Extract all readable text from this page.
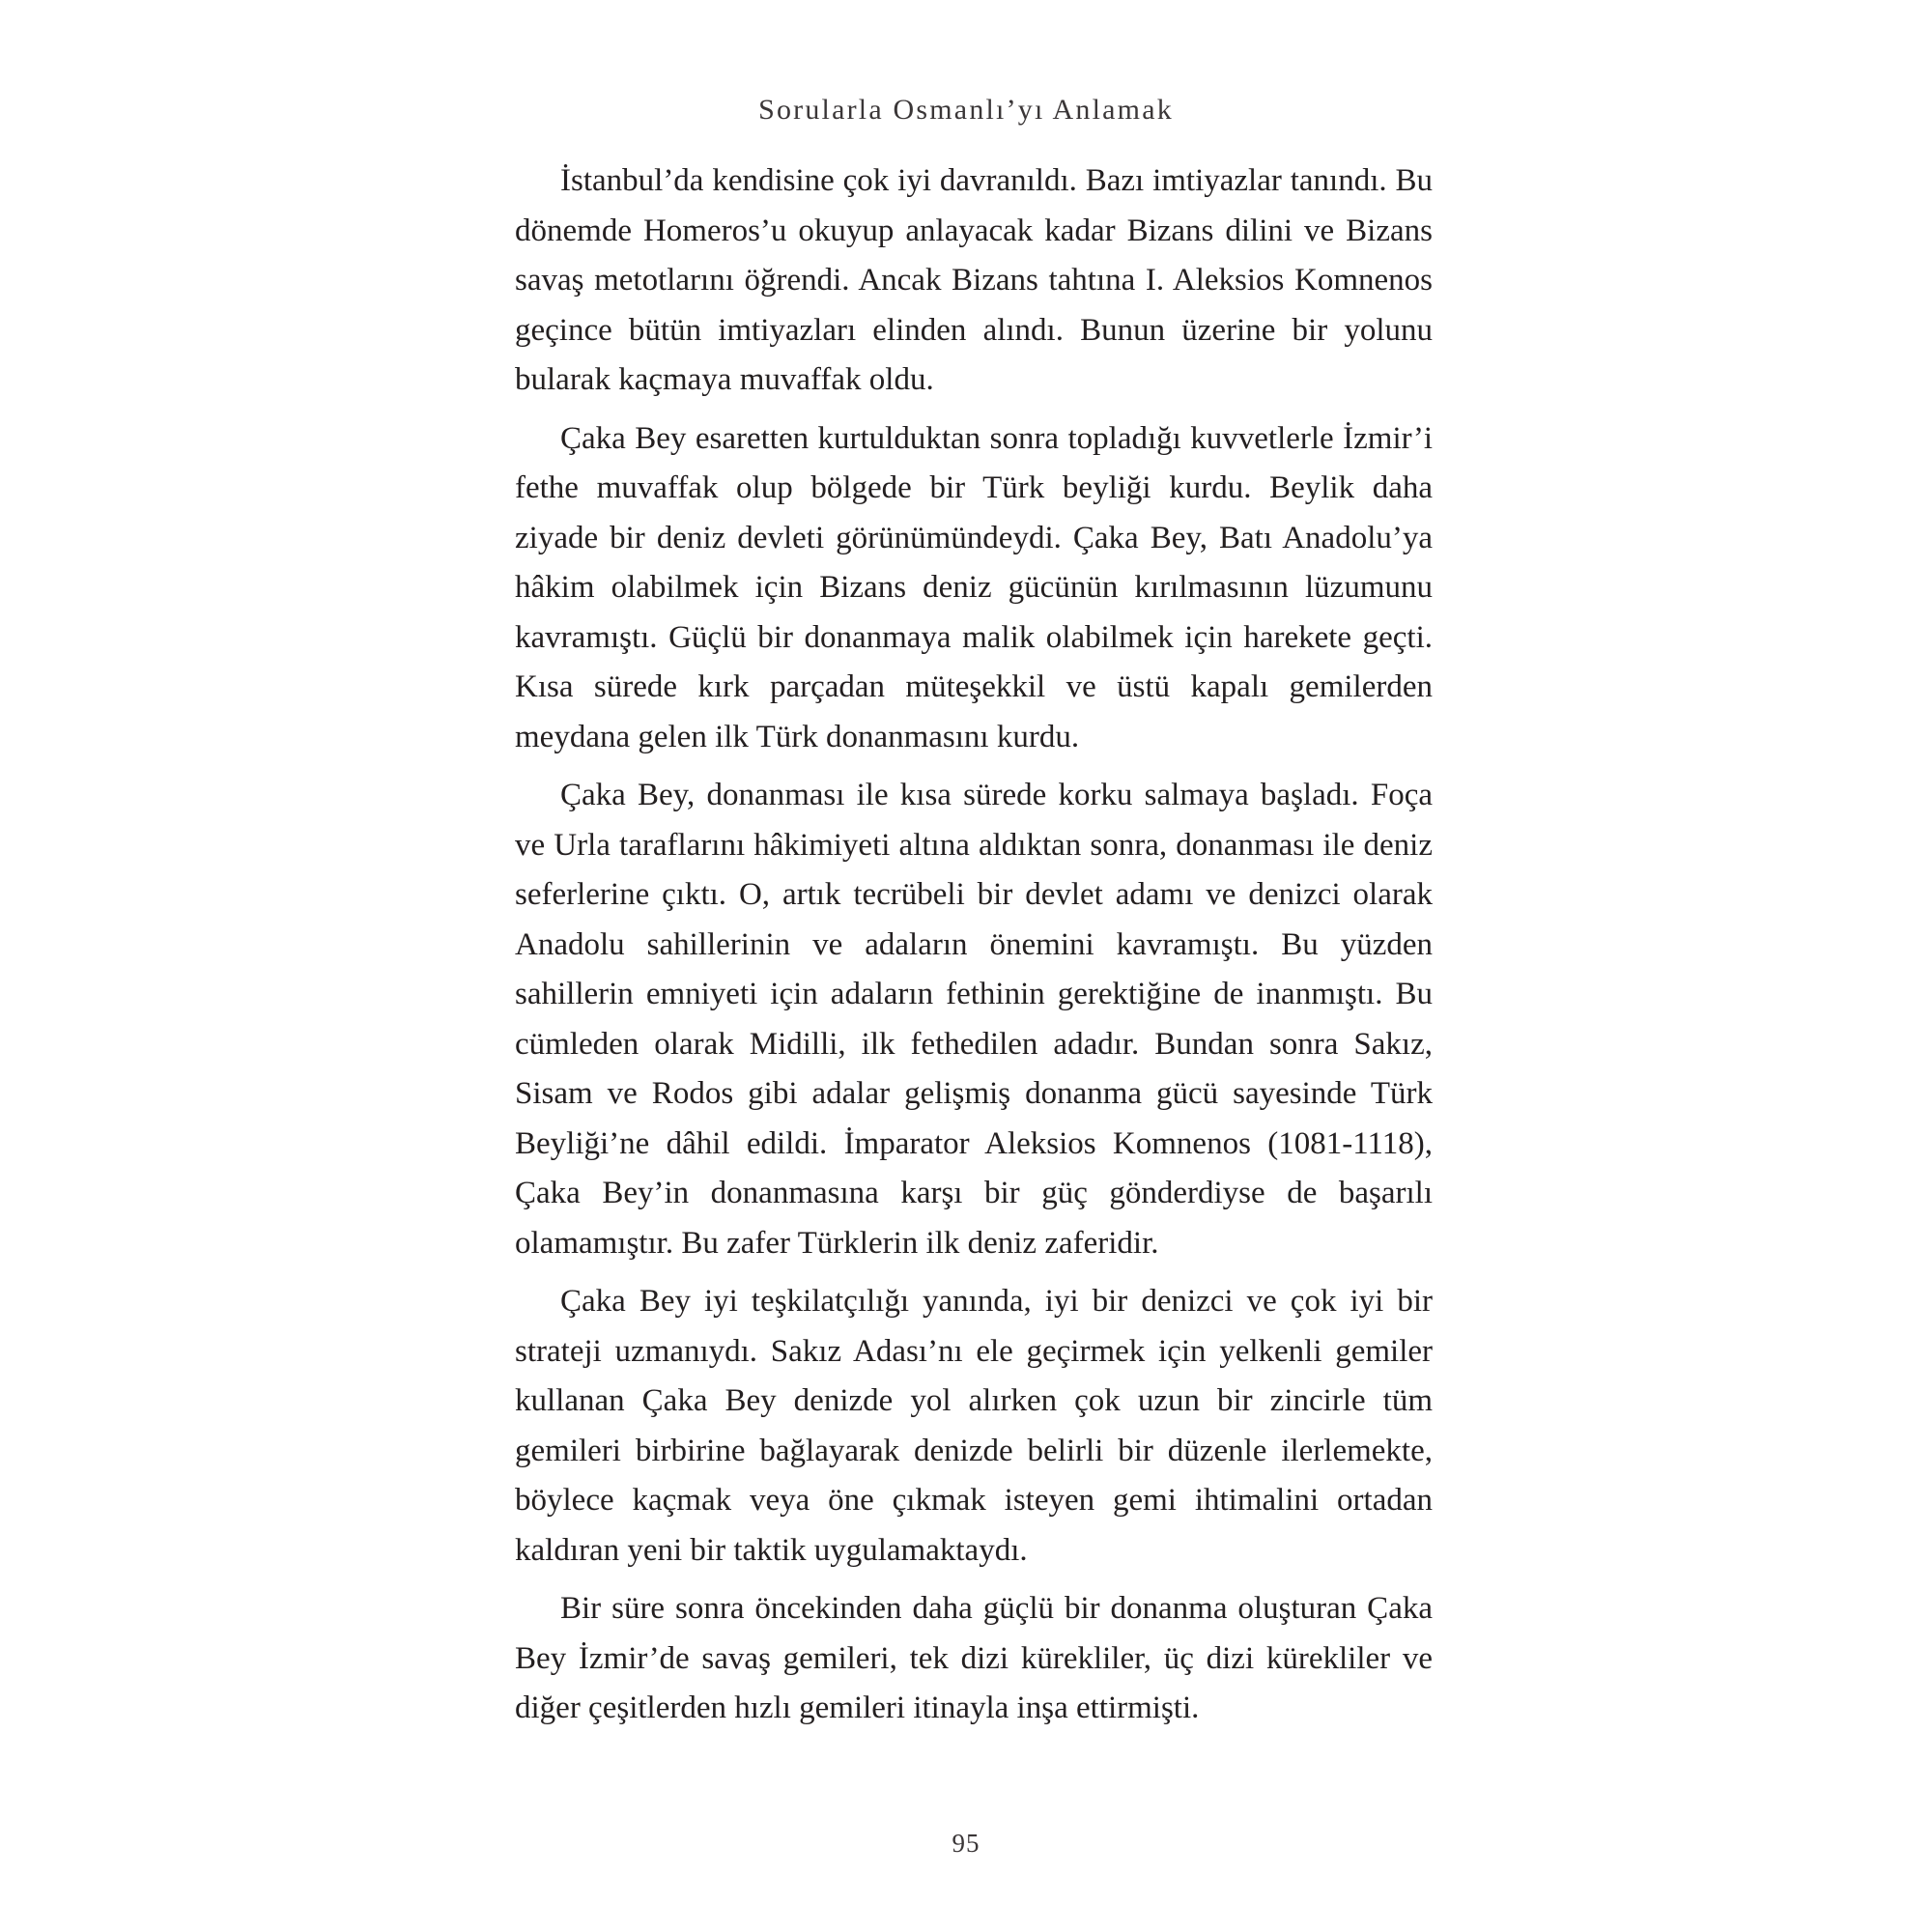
Sorularla Osmanlı’yı Anlamak

İstanbul’da kendisine çok iyi davranıldı. Bazı imtiyazlar tanındı. Bu dönemde Homeros’u okuyup anlayacak kadar Bizans dilini ve Bizans savaş metotlarını öğrendi. Ancak Bizans tahtına I. Aleksios Komnenos geçince bütün imtiyazları elinden alındı. Bunun üzerine bir yolunu bularak kaçmaya muvaffak oldu.

Çaka Bey esaretten kurtulduktan sonra topladığı kuvvetlerle İzmir’i fethe muvaffak olup bölgede bir Türk beyliği kurdu. Beylik daha ziyade bir deniz devleti görünümündeydi. Çaka Bey, Batı Anadolu’ya hâkim olabilmek için Bizans deniz gücünün kırılmasının lüzumunu kavramıştı. Güçlü bir donanmaya malik olabilmek için harekete geçti. Kısa sürede kırk parçadan müteşekkil ve üstü kapalı gemilerden meydana gelen ilk Türk donanmasını kurdu.

Çaka Bey, donanması ile kısa sürede korku salmaya başladı. Foça ve Urla taraflarını hâkimiyeti altına aldıktan sonra, donanması ile deniz seferlerine çıktı. O, artık tecrübeli bir devlet adamı ve denizci olarak Anadolu sahillerinin ve adaların önemini kavramıştı. Bu yüzden sahillerin emniyeti için adaların fethinin gerektiğine de inanmıştı. Bu cümleden olarak Midilli, ilk fethedilen adadır. Bundan sonra Sakız, Sisam ve Rodos gibi adalar gelişmiş donanma gücü sayesinde Türk Beyliği’ne dâhil edildi. İmparator Aleksios Komnenos (1081-1118), Çaka Bey’in donanmasına karşı bir güç gönderdiyse de başarılı olamamıştır. Bu zafer Türklerin ilk deniz zaferidir.

Çaka Bey iyi teşkilatçılığı yanında, iyi bir denizci ve çok iyi bir strateji uzmanıydı. Sakız Adası’nı ele geçirmek için yelkenli gemiler kullanan Çaka Bey denizde yol alırken çok uzun bir zincirle tüm gemileri birbirine bağlayarak denizde belirli bir düzenle ilerlemekte, böylece kaçmak veya öne çıkmak isteyen gemi ihtimalini ortadan kaldıran yeni bir taktik uygulamaktaydı.

Bir süre sonra öncekinden daha güçlü bir donanma oluşturan Çaka Bey İzmir’de savaş gemileri, tek dizi kürekliler, üç dizi kürekliler ve diğer çeşitlerden hızlı gemileri itinayla inşa ettirmişti.

95
